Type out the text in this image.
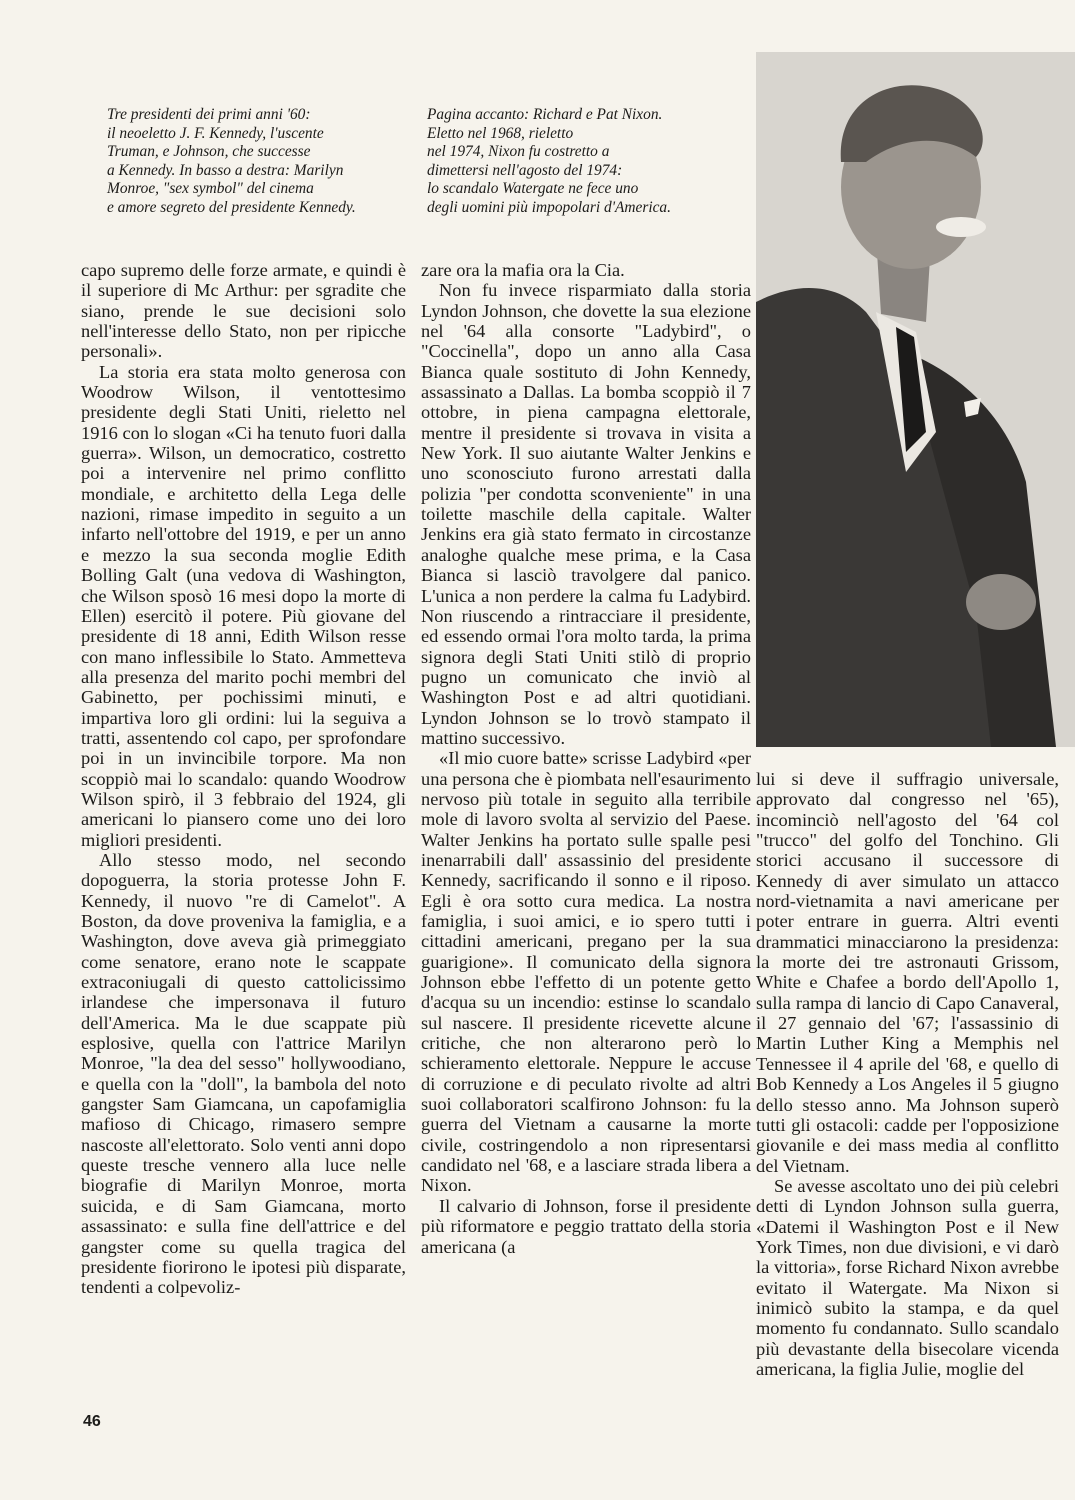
Tre presidenti dei primi anni '60:
il neoeletto J. F. Kennedy, l'uscente
Truman, e Johnson, che successe
a Kennedy. In basso a destra: Marilyn
Monroe, "sex symbol" del cinema
e amore segreto del presidente Kennedy.
Pagina accanto: Richard e Pat Nixon.
Eletto nel 1968, rieletto
nel 1974, Nixon fu costretto a
dimettersi nell'agosto del 1974:
lo scandalo Watergate ne fece uno
degli uomini più impopolari d'America.

capo supremo delle forze armate, e quindi è il superiore di Mc Arthur: per sgradite che siano, prende le sue decisioni solo nell'interesse dello Stato, non per ripicche personali».

La storia era stata molto generosa con Woodrow Wilson, il ventottesimo presidente degli Stati Uniti, rieletto nel 1916 con lo slogan «Ci ha tenuto fuori dalla guerra». Wilson, un democratico, costretto poi a intervenire nel primo conflitto mondiale, e architetto della Lega delle nazioni, rimase impedito in seguito a un infarto nell'ottobre del 1919, e per un anno e mezzo la sua seconda moglie Edith Bolling Galt (una vedova di Washington, che Wilson sposò 16 mesi dopo la morte di Ellen) esercitò il potere. Più giovane del presidente di 18 anni, Edith Wilson resse con mano inflessibile lo Stato. Ammetteva alla presenza del marito pochi membri del Gabinetto, per pochissimi minuti, e impartiva loro gli ordini: lui la seguiva a tratti, assentendo col capo, per sprofondare poi in un invincibile torpore. Ma non scoppiò mai lo scandalo: quando Woodrow Wilson spirò, il 3 febbraio del 1924, gli americani lo piansero come uno dei loro migliori presidenti.

Allo stesso modo, nel secondo dopoguerra, la storia protesse John F. Kennedy, il nuovo "re di Camelot". A Boston, da dove proveniva la famiglia, e a Washington, dove aveva già primeggiato come senatore, erano note le scappate extraconiugali di questo cattolicissimo irlandese che impersonava il futuro dell'America. Ma le due scappate più esplosive, quella con l'attrice Marilyn Monroe, "la dea del sesso" hollywoodiano, e quella con la "doll", la bambola del noto gangster Sam Giamcana, un capofamiglia mafioso di Chicago, rimasero sempre nascoste all'elettorato. Solo venti anni dopo queste tresche vennero alla luce nelle biografie di Marilyn Monroe, morta suicida, e di Sam Giamcana, morto assassinato: e sulla fine dell'attrice e del gangster come su quella tragica del presidente fiorirono le ipotesi più disparate, tendenti a colpevoliz-

zare ora la mafia ora la Cia.

Non fu invece risparmiato dalla storia Lyndon Johnson, che dovette la sua elezione nel '64 alla consorte "Ladybird", o "Coccinella", dopo un anno alla Casa Bianca quale sostituto di John Kennedy, assassinato a Dallas. La bomba scoppiò il 7 ottobre, in piena campagna elettorale, mentre il presidente si trovava in visita a New York. Il suo aiutante Walter Jenkins e uno sconosciuto furono arrestati dalla polizia "per condotta sconveniente" in una toilette maschile della capitale. Walter Jenkins era già stato fermato in circostanze analoghe qualche mese prima, e la Casa Bianca si lasciò travolgere dal panico. L'unica a non perdere la calma fu Ladybird. Non riuscendo a rintracciare il presidente, ed essendo ormai l'ora molto tarda, la prima signora degli Stati Uniti stilò di proprio pugno un comunicato che inviò al Washington Post e ad altri quotidiani. Lyndon Johnson se lo trovò stampato il mattino successivo.

«Il mio cuore batte» scrisse Ladybird «per una persona che è piombata nell'esaurimento nervoso più totale in seguito alla terribile mole di lavoro svolta al servizio del Paese. Walter Jenkins ha portato sulle spalle pesi inenarrabili dall' assassinio del presidente Kennedy, sacrificando il sonno e il riposo. Egli è ora sotto cura medica. La nostra famiglia, i suoi amici, e io spero tutti i cittadini americani, pregano per la sua guarigione». Il comunicato della signora Johnson ebbe l'effetto di un potente getto d'acqua su un incendio: estinse lo scandalo sul nascere. Il presidente ricevette alcune critiche, che non alterarono però lo schieramento elettorale. Neppure le accuse di corruzione e di peculato rivolte ad altri suoi collaboratori scalfirono Johnson: fu la guerra del Vietnam a causarne la morte civile, costringendolo a non ripresentarsi candidato nel '68, e a lasciare strada libera a Nixon.

Il calvario di Johnson, forse il presidente più riformatore e peggio trattato della storia americana (a

lui si deve il suffragio universale, approvato dal congresso nel '65), incominciò nell'agosto del '64 col "trucco" del golfo del Tonchino. Gli storici accusano il successore di Kennedy di aver simulato un attacco nord-vietnamita a navi americane per poter entrare in guerra. Altri eventi drammatici minacciarono la presidenza: la morte dei tre astronauti Grissom, White e Chafee a bordo dell'Apollo 1, sulla rampa di lancio di Capo Canaveral, il 27 gennaio del '67; l'assassinio di Martin Luther King a Memphis nel Tennessee il 4 aprile del '68, e quello di Bob Kennedy a Los Angeles il 5 giugno dello stesso anno. Ma Johnson superò tutti gli ostacoli: cadde per l'opposizione giovanile e dei mass media al conflitto del Vietnam.

Se avesse ascoltato uno dei più celebri detti di Lyndon Johnson sulla guerra, «Datemi il Washington Post e il New York Times, non due divisioni, e vi darò la vittoria», forse Richard Nixon avrebbe evitato il Watergate. Ma Nixon si inimicò subito la stampa, e da quel momento fu condannato. Sullo scandalo più devastante della bisecolare vicenda americana, la figlia Julie, moglie del

46
